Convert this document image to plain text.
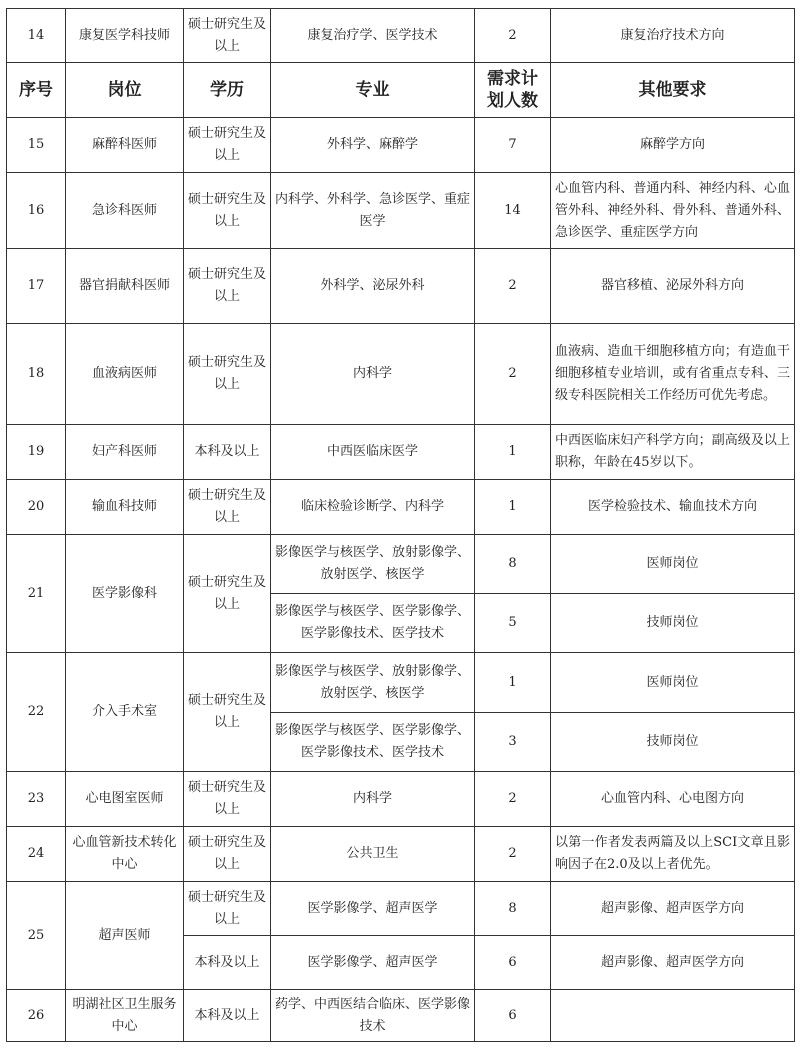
14	康复医学科技师	硕士研究生及以上	康复治疗学、医学技术	2	康复治疗技术方向
序号	岗位	学历	专业	需求计划人数	其他要求
15	麻醉科医师	硕士研究生及以上	外科学、麻醉学	7	麻醉学方向
16	急诊科医师	硕士研究生及以上	内科学、外科学、急诊医学、重症医学	14	心血管内科、普通内科、神经内科、心血管外科、神经外科、骨外科、普通外科、急诊医学、重症医学方向
17	器官捐献科医师	硕士研究生及以上	外科学、泌尿外科	2	器官移植、泌尿外科方向
18	血液病医师	硕士研究生及以上	内科学	2	血液病、造血干细胞移植方向；有造血干细胞移植专业培训，或有省重点专科、三级专科医院相关工作经历可优先考虑。
19	妇产科医师	本科及以上	中西医临床医学	1	中西医临床妇产科学方向；副高级及以上职称，年龄在45岁以下。
20	输血科技师	硕士研究生及以上	临床检验诊断学、内科学	1	医学检验技术、输血技术方向
21	医学影像科	硕士研究生及以上	影像医学与核医学、放射影像学、放射医学、核医学	8	医师岗位
			影像医学与核医学、医学影像学、医学影像技术、医学技术	5	技师岗位
22	介入手术室	硕士研究生及以上	影像医学与核医学、放射影像学、放射医学、核医学	1	医师岗位
			影像医学与核医学、医学影像学、医学影像技术、医学技术	3	技师岗位
23	心电图室医师	硕士研究生及以上	内科学	2	心血管内科、心电图方向
24	心血管新技术转化中心	硕士研究生及以上	公共卫生	2	以第一作者发表两篇及以上SCI文章且影响因子在2.0及以上者优先。
25	超声医师	硕士研究生及以上	医学影像学、超声医学	8	超声影像、超声医学方向
		本科及以上	医学影像学、超声医学	6	超声影像、超声医学方向
26	明湖社区卫生服务中心	本科及以上	药学、中西医结合临床、医学影像技术	6	
